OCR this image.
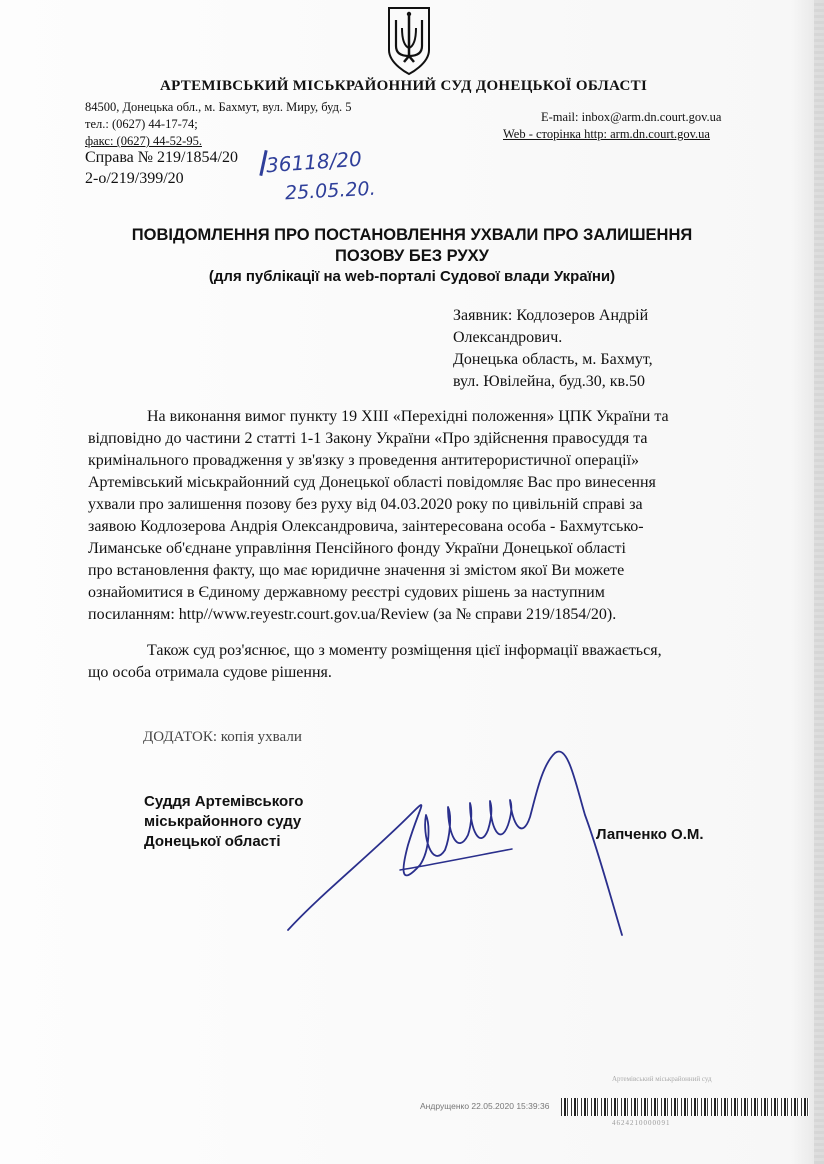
АРТЕМІВСЬКИЙ МІСЬКРАЙОННИЙ СУД ДОНЕЦЬКОЇ ОБЛАСТІ
84500, Донецька обл., м. Бахмут, вул. Миру, буд. 5
тел.: (0627) 44-17-74;
факс: (0627) 44-52-95.
E-mail: inbox@arm.dn.court.gov.ua
Web - сторінка http: arm.dn.court.gov.ua
Справа № 219/1854/20
2-о/219/399/20
36118/20
25.05.20.
ПОВІДОМЛЕННЯ ПРО ПОСТАНОВЛЕННЯ УХВАЛИ ПРО ЗАЛИШЕННЯ
ПОЗОВУ БЕЗ РУХУ
(для публікації на web-порталі Судової влади України)
Заявник: Кодлозеров Андрій
Олександрович.
Донецька область, м. Бахмут,
вул. Ювілейна, буд.30, кв.50
На виконання вимог пункту 19 XIII «Перехідні положення» ЦПК України та
відповідно до частини 2 статті 1-1 Закону України «Про здійснення правосуддя та
кримінального провадження у зв'язку з проведення антитерористичної операції»
Артемівський міськрайонний суд Донецької області повідомляє Вас про винесення
ухвали про залишення позову без руху від 04.03.2020 року по цивільній справі за
заявою Кодлозерова Андрія Олександровича, заінтересована особа - Бахмутсько-
Лиманське об'єднане управління Пенсійного фонду України Донецької області
про встановлення факту, що має юридичне значення зі змістом якої Ви можете
ознайомитися в Єдиному державному реєстрі судових рішень за наступним
посиланням: http//www.reyestr.court.gov.ua/Review (за № справи 219/1854/20).
Також суд роз'яснює, що з моменту розміщення цієї інформації вважається,
що особа отримала судове рішення.
ДОДАТОК: копія ухвали
Суддя Артемівського
міськрайонного суду
Донецької області	Лапченко О.М.
Артемівський міськрайонний суд
Андрущенко 22.05.2020 15:39:36
4624210000091
